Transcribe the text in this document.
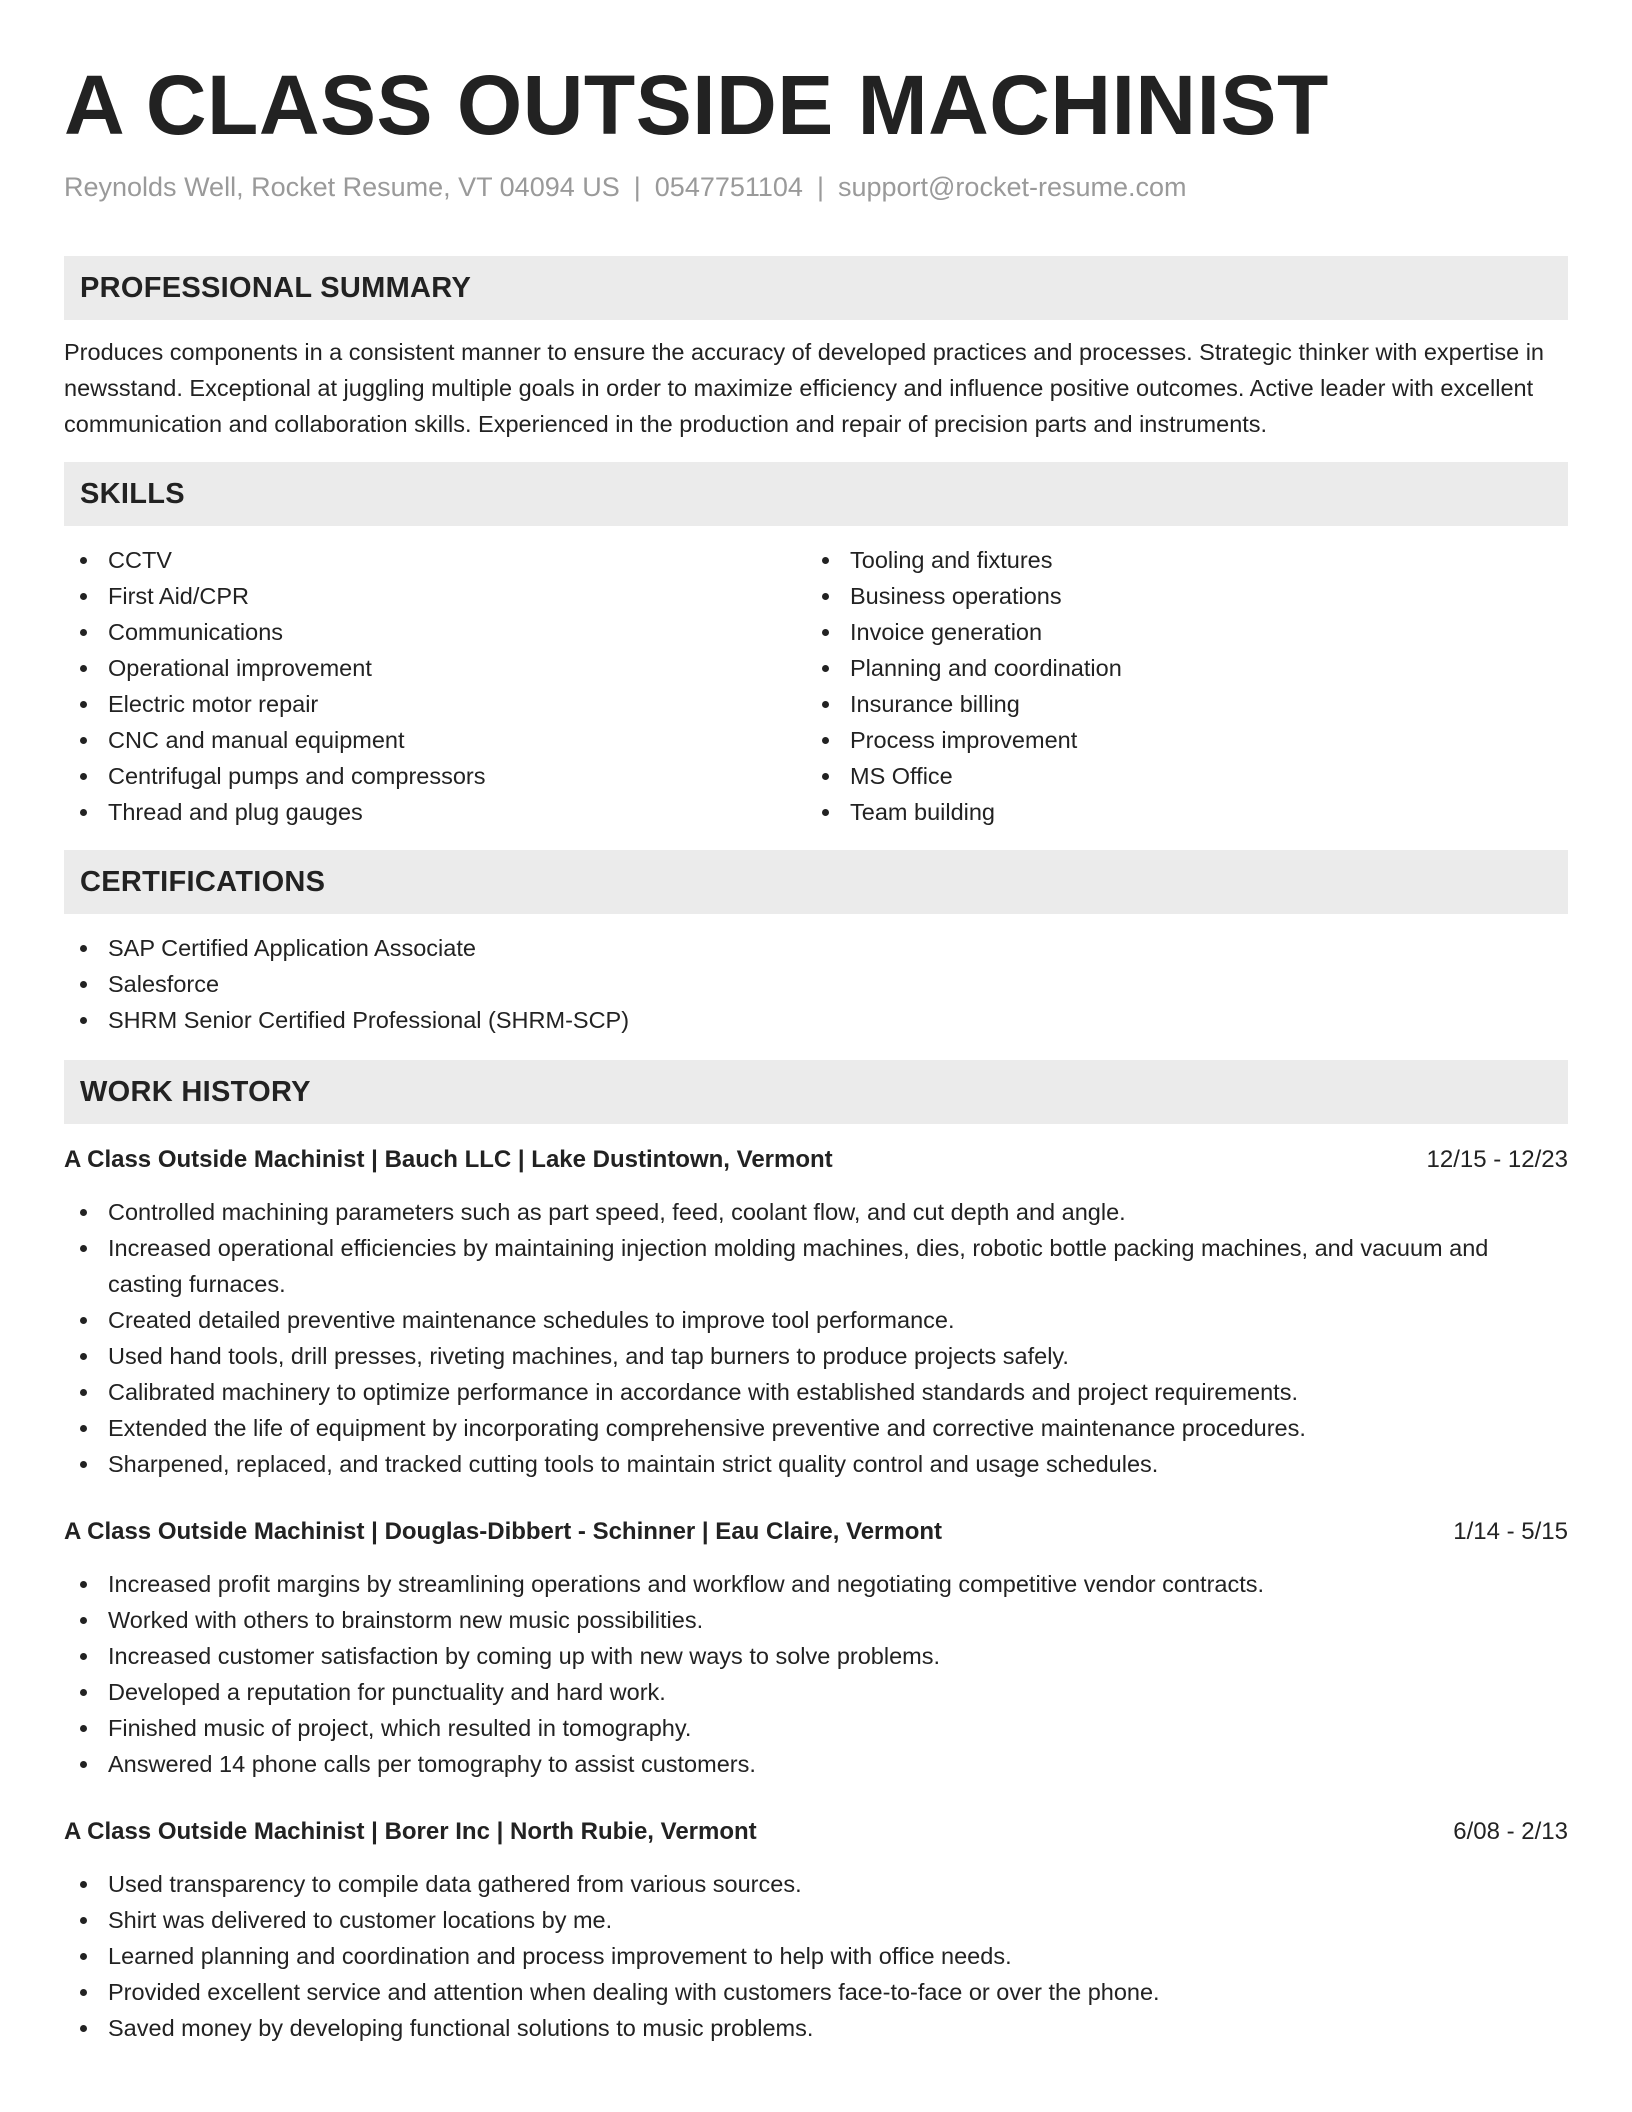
A CLASS OUTSIDE MACHINIST
Reynolds Well, Rocket Resume, VT 04094 US | 0547751104 | support@rocket-resume.com
PROFESSIONAL SUMMARY

Produces components in a consistent manner to ensure the accuracy of developed practices and processes. Strategic thinker with expertise in newsstand. Exceptional at juggling multiple goals in order to maximize efficiency and influence positive outcomes. Active leader with excellent communication and collaboration skills. Experienced in the production and repair of precision parts and instruments.

SKILLS
CCTV
First Aid/CPR
Communications
Operational improvement
Electric motor repair
CNC and manual equipment
Centrifugal pumps and compressors
Thread and plug gauges
Tooling and fixtures
Business operations
Invoice generation
Planning and coordination
Insurance billing
Process improvement
MS Office
Team building
CERTIFICATIONS
SAP Certified Application Associate
Salesforce
SHRM Senior Certified Professional (SHRM-SCP)
WORK HISTORY
A Class Outside Machinist | Bauch LLC | Lake Dustintown, Vermont	12/15 - 12/23
Controlled machining parameters such as part speed, feed, coolant flow, and cut depth and angle.
Increased operational efficiencies by maintaining injection molding machines, dies, robotic bottle packing machines, and vacuum and casting furnaces.
Created detailed preventive maintenance schedules to improve tool performance.
Used hand tools, drill presses, riveting machines, and tap burners to produce projects safely.
Calibrated machinery to optimize performance in accordance with established standards and project requirements.
Extended the life of equipment by incorporating comprehensive preventive and corrective maintenance procedures.
Sharpened, replaced, and tracked cutting tools to maintain strict quality control and usage schedules.
A Class Outside Machinist | Douglas-Dibbert - Schinner | Eau Claire, Vermont	1/14 - 5/15
Increased profit margins by streamlining operations and workflow and negotiating competitive vendor contracts.
Worked with others to brainstorm new music possibilities.
Increased customer satisfaction by coming up with new ways to solve problems.
Developed a reputation for punctuality and hard work.
Finished music of project, which resulted in tomography.
Answered 14 phone calls per tomography to assist customers.
A Class Outside Machinist | Borer Inc | North Rubie, Vermont	6/08 - 2/13
Used transparency to compile data gathered from various sources.
Shirt was delivered to customer locations by me.
Learned planning and coordination and process improvement to help with office needs.
Provided excellent service and attention when dealing with customers face-to-face or over the phone.
Saved money by developing functional solutions to music problems.
